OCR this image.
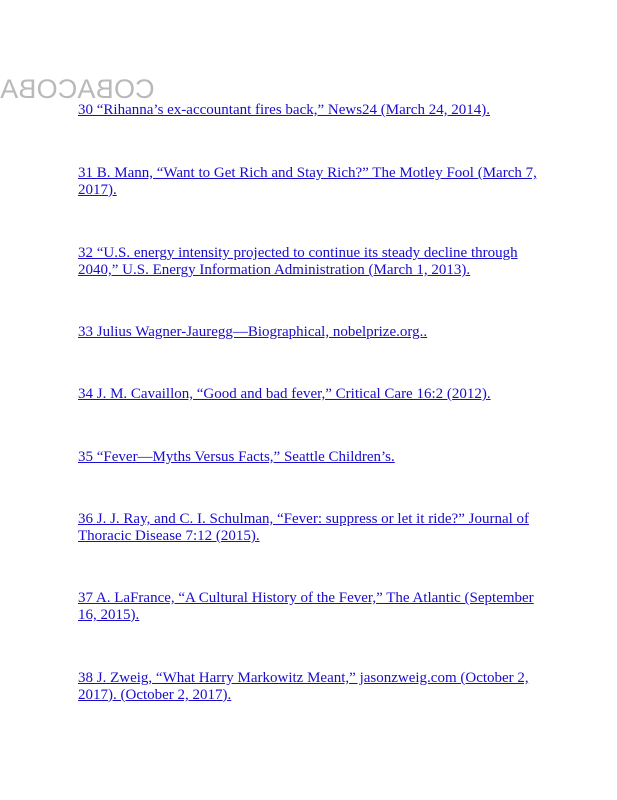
COBACOBA
30 “Rihanna’s ex-accountant fires back,” News24 (March 24, 2014).
31 B. Mann, “Want to Get Rich and Stay Rich?” The Motley Fool (March 7, 2017).
32 “U.S. energy intensity projected to continue its steady decline through 2040,” U.S. Energy Information Administration (March 1, 2013).
33 Julius Wagner-Jauregg—Biographical, nobelprize.org..
34 J. M. Cavaillon, “Good and bad fever,” Critical Care 16:2 (2012).
35 “Fever—Myths Versus Facts,” Seattle Children’s.
36 J. J. Ray, and C. I. Schulman, “Fever: suppress or let it ride?” Journal of Thoracic Disease 7:12 (2015).
37 A. LaFrance, “A Cultural History of the Fever,” The Atlantic (September 16, 2015).
38 J. Zweig, “What Harry Markowitz Meant,” jasonzweig.com (October 2, 2017). (October 2, 2017).
